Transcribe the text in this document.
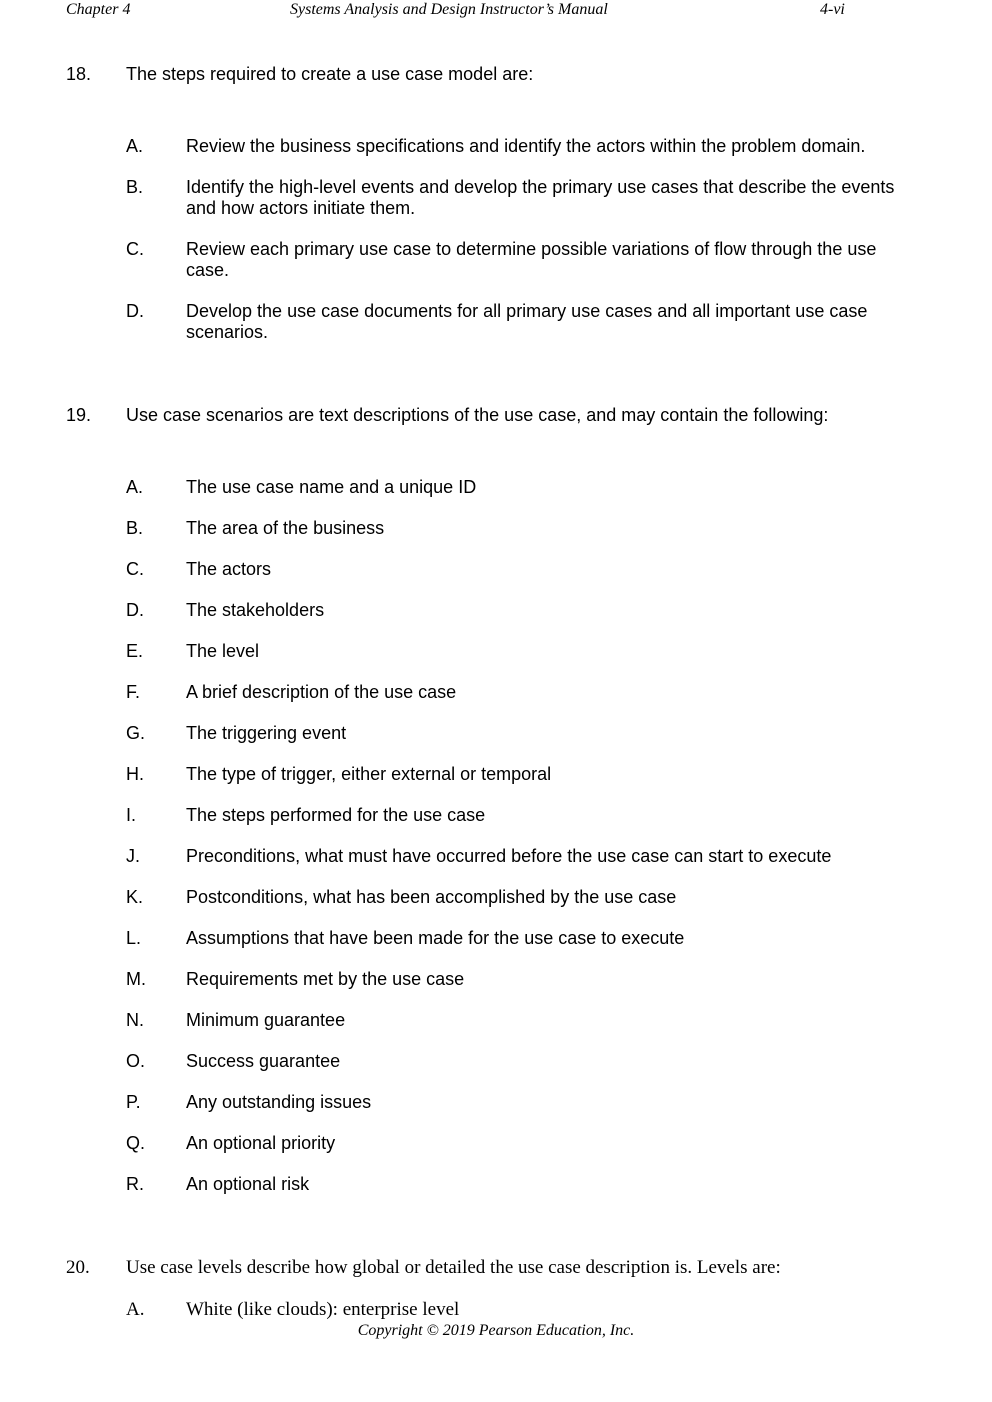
Chapter 4	Systems Analysis and Design Instructor’s Manual	4-vi
18. The steps required to create a use case model are:
A. Review the business specifications and identify the actors within the problem domain.
B. Identify the high-level events and develop the primary use cases that describe the events and how actors initiate them.
C. Review each primary use case to determine possible variations of flow through the use case.
D. Develop the use case documents for all primary use cases and all important use case scenarios.
19. Use case scenarios are text descriptions of the use case, and may contain the following:
A. The use case name and a unique ID
B. The area of the business
C. The actors
D. The stakeholders
E. The level
F.	A brief description of the use case
G. The triggering event
H. The type of trigger, either external or temporal
I.	The steps performed for the use case
J.	Preconditions, what must have occurred before the use case can start to execute
K. Postconditions, what has been accomplished by the use case
L. Assumptions that have been made for the use case to execute
M. Requirements met by the use case
N. Minimum guarantee
O. Success guarantee
P.	Any outstanding issues
Q. An optional priority
R. An optional risk
20. Use case levels describe how global or detailed the use case description is. Levels are:
A. White (like clouds): enterprise level
Copyright © 2019 Pearson Education, Inc.
